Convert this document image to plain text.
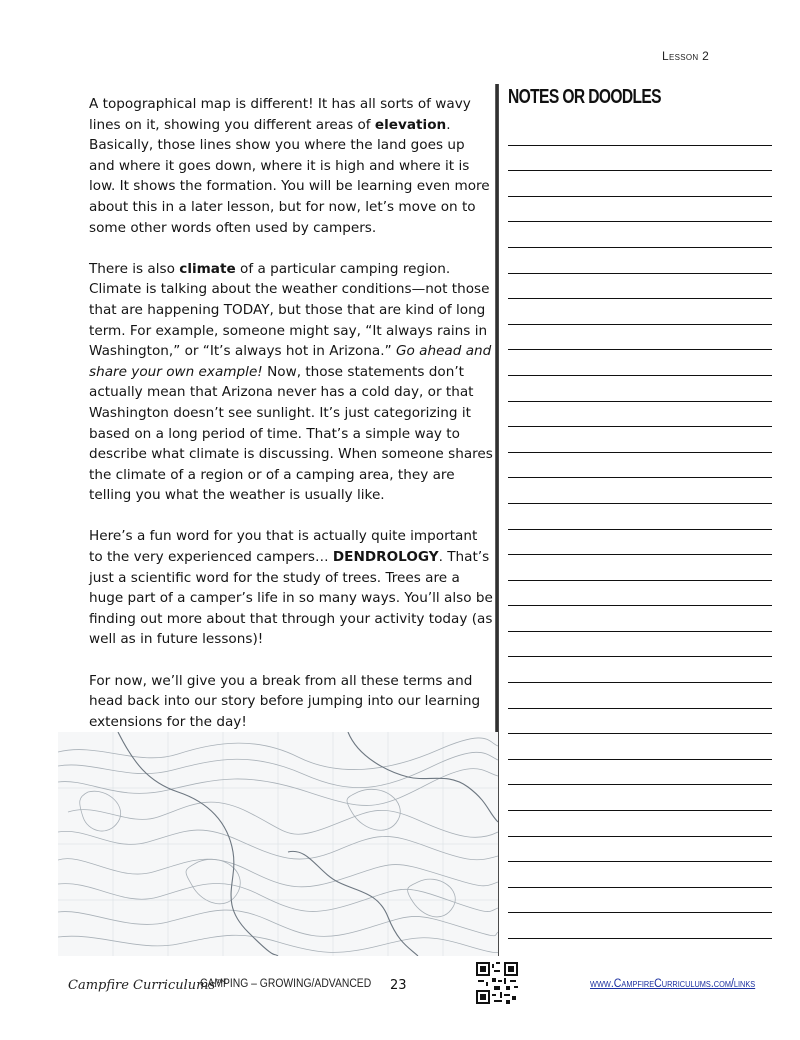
Lesson 2

A topographical map is different! It has all sorts of wavy lines on it, showing you different areas of elevation. Basically, those lines show you where the land goes up and where it goes down, where it is high and where it is low. It shows the formation. You will be learning even more about this in a later lesson, but for now, let’s move on to some other words often used by campers.

There is also climate of a particular camping region. Climate is talking about the weather conditions—not those that are happening TODAY, but those that are kind of long term. For example, someone might say, “It always rains in Washington,” or “It’s always hot in Arizona.” Go ahead and share your own example! Now, those statements don’t actually mean that Arizona never has a cold day, or that Washington doesn’t see sunlight. It’s just categorizing it based on a long period of time. That’s a simple way to describe what climate is discussing. When someone shares the climate of a region or of a camping area, they are telling you what the weather is usually like.

Here’s a fun word for you that is actually quite important to the very experienced campers… DENDROLOGY. That’s just a scientific word for the study of trees. Trees are a huge part of a camper’s life in so many ways. You’ll also be finding out more about that through your activity today (as well as in future lessons)!

For now, we’ll give you a break from all these terms and head back into our story before jumping into our learning extensions for the day!

NOTES OR DOODLES
Campfire Curriculums™
CAMPING – GROWING/ADVANCED 23	www.CampfireCurriculums.com/links
